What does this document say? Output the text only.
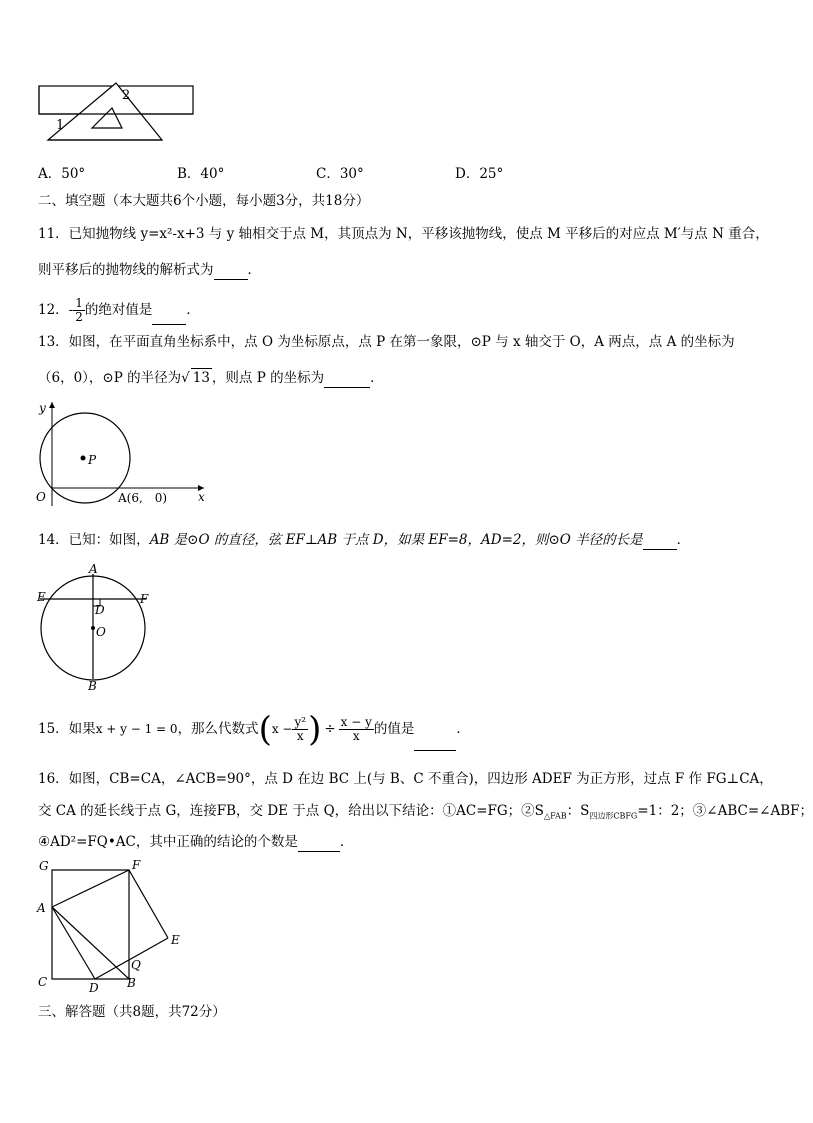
1
2
A．50°	B．40°	C．30°	D．25°
二、填空题（本大题共6个小题，每小题3分，共18分）
11．已知抛物线 y=x²-x+3 与 y 轴相交于点 M，其顶点为 N，平移该抛物线，使点 M 平移后的对应点 M′与点 N 重合，
则平移后的抛物线的解析式为	．
12．- $\frac{1}{2}$ 的绝对值是	．
13．如图，在平面直角坐标系中，点 O 为坐标原点，点 P 在第一象限，⊙P 与 x 轴交于 O，A 两点，点 A 的坐标为
（6，0），⊙P 的半径为√ 13 ，则点 P 的坐标为	．
y
x
O
P
A(6,　0)
14．已知：如图，AB 是⊙O 的直径，弦 EF⊥AB 于点 D，如果 EF=8，AD=2，则⊙O 半径的长是	．
A
E	F
D
O
B
15．如果x + y − 1 = 0，那么代数式($x - \frac{\text{y²}}{x}$ ) ÷ $\frac{x - y}{x}$ 的值是	．
16．如图，CB=CA，∠ACB=90°，点 D 在边 BC 上(与 B、C 不重合)，四边形 ADEF 为正方形，过点 F 作 FG⊥CA，
交 CA 的延长线于点 G，连接FB，交 DE 于点 Q，给出以下结论：①AC=FG；$②S_{\triangle FAB}$：$S_{四边形CBFG}=1$：2；③∠ABC=∠ABF；
④AD²=FQ•AC，其中正确的结论的个数是	．
G	F
A
E
Q
C	D B
三、解答题（共8题，共72分）
